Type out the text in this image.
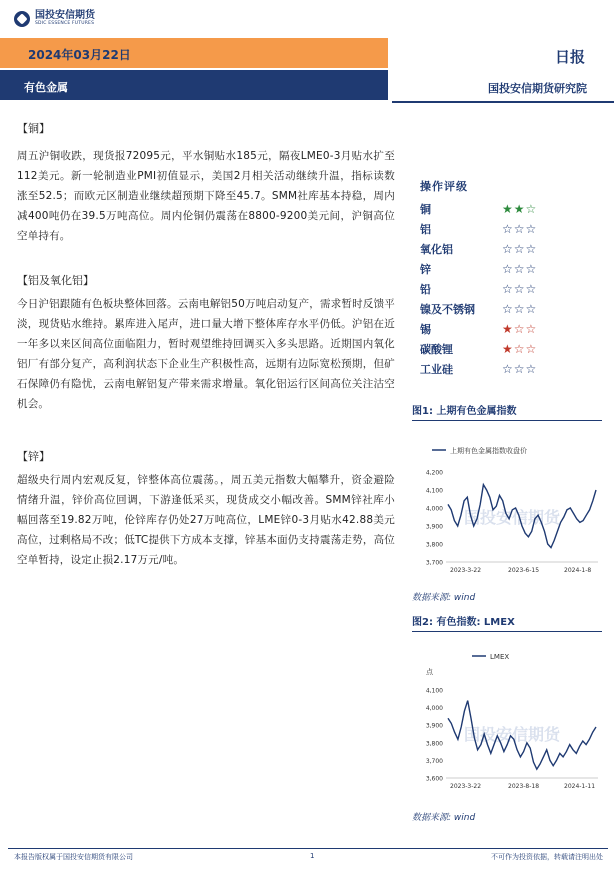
国投安信期货
SDIC ESSENCE FUTURES
2024年03月22日	日报
有色金属	国投安信期货研究院
【铜】
周五沪铜收跌，现货报72095元，平水铜贴水185元，隔夜LME0-3月贴水扩至112美元。新一轮制造业PMI初值显示，美国2月相关活动继续升温，指标读数涨至52.5；而欧元区制造业继续超预期下降至45.7。SMM社库基本持稳，周内减400吨仍在39.5万吨高位。周内伦铜仍震荡在8800-9200美元间，沪铜高位空单持有。
【铝及氧化铝】
今日沪铝跟随有色板块整体回落。云南电解铝50万吨启动复产，需求暂时反馈平淡，现货贴水维持。累库进入尾声，进口量大增下整体库存水平仍低。沪铝在近一年多以来区间高位面临阻力，暂时观望维持回调买入多头思路。近期国内氧化铝厂有部分复产，高利润状态下企业生产积极性高，远期有边际宽松预期，但矿石保障仍有隐忧，云南电解铝复产带来需求增量。氧化铝运行区间高位关注沽空机会。
【锌】
超级央行周内宏观反复，锌整体高位震荡。，周五美元指数大幅攀升，资金避险情绪升温，锌价高位回调，下游逢低采买，现货成交小幅改善。SMM锌社库小幅回落至19.82万吨，伦锌库存仍处27万吨高位，LME锌0-3月贴水42.88美元高位，过剩格局不改；低TC提供下方成本支撑，锌基本面仍支持震荡走势，高位空单暂持，设定止损2.17万元/吨。
操作评级
铜	★★☆
铝	☆☆☆
氧化铝	☆☆☆
锌	☆☆☆
铅	☆☆☆
镍及不锈钢	☆☆☆
锡	★☆☆
碳酸锂	★☆☆
工业硅	☆☆☆
图1: 上期有色金属指数
上期有色金属指数收盘价
国投安信期货
4,200
4,100
4,000
3,900
3,800
3,700
2023-3-22	2023-6-15	2024-1-8
数据来源: wind
图2: 有色指数: LMEX
LMEX
点
国投安信期货
4,100
4,000
3,900
3,800
3,700
3,600
2023-3-22	2023-8-18	2024-1-11
数据来源: wind
本报告版权属于国投安信期货有限公司	1	不可作为投资依据，转载请注明出处
